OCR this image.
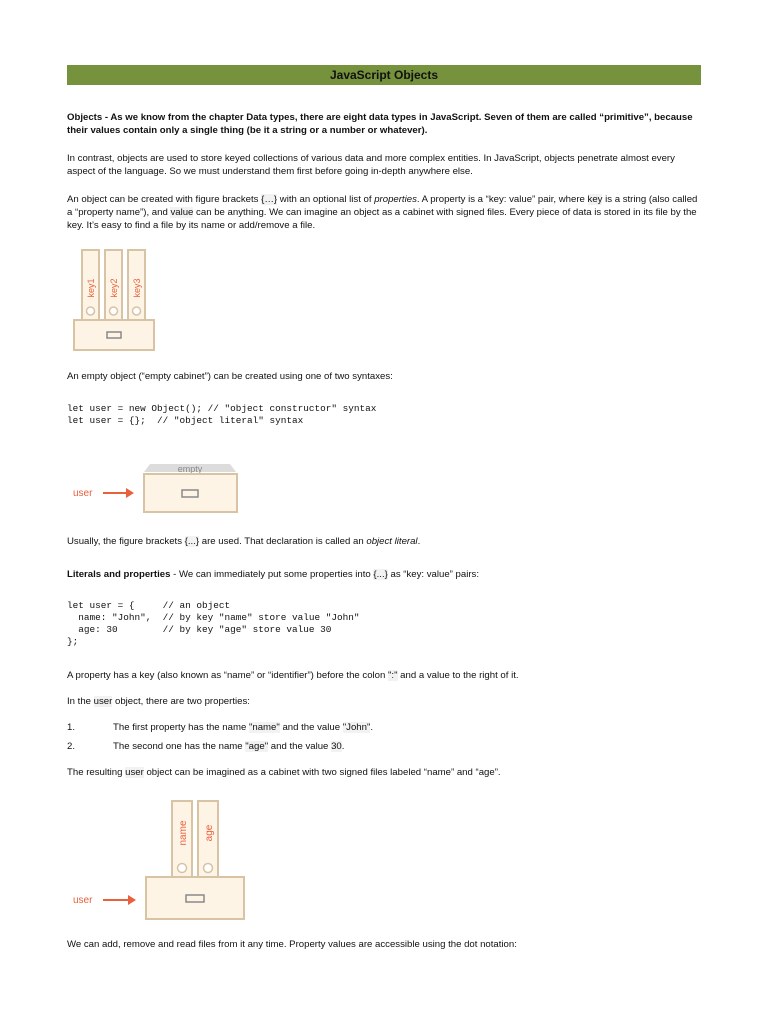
JavaScript Objects

Objects - As we know from the chapter Data types, there are eight data types in JavaScript. Seven of them are called “primitive”, because their values contain only a single thing (be it a string or a number or whatever).

In contrast, objects are used to store keyed collections of various data and more complex entities. In JavaScript, objects penetrate almost every aspect of the language. So we must understand them first before going in-depth anywhere else.

An object can be created with figure brackets {…} with an optional list of properties. A property is a “key: value” pair, where key is a string (also called a “property name”), and value can be anything. We can imagine an object as a cabinet with signed files. Every piece of data is stored in its file by the key. It’s easy to find a file by its name or add/remove a file.

key1 key2 key3

An empty object (“empty cabinet”) can be created using one of two syntaxes:

let user = new Object(); // "object constructor" syntax
let user = {};  // "object literal" syntax
user
empty

Usually, the figure brackets {...} are used. That declaration is called an object literal.

Literals and properties - We can immediately put some properties into {...} as “key: value” pairs:

let user = {     // an object
name: "John",  // by key "name" store value "John"
age: 30        // by key "age" store value 30
};

A property has a key (also known as “name” or “identifier”) before the colon ":" and a value to the right of it.

In the user object, there are two properties:

1.	The first property has the name "name" and the value "John".
2.	The second one has the name "age" and the value 30.

The resulting user object can be imagined as a cabinet with two signed files labeled “name” and “age”.

user
name age

We can add, remove and read files from it any time. Property values are accessible using the dot notation:
